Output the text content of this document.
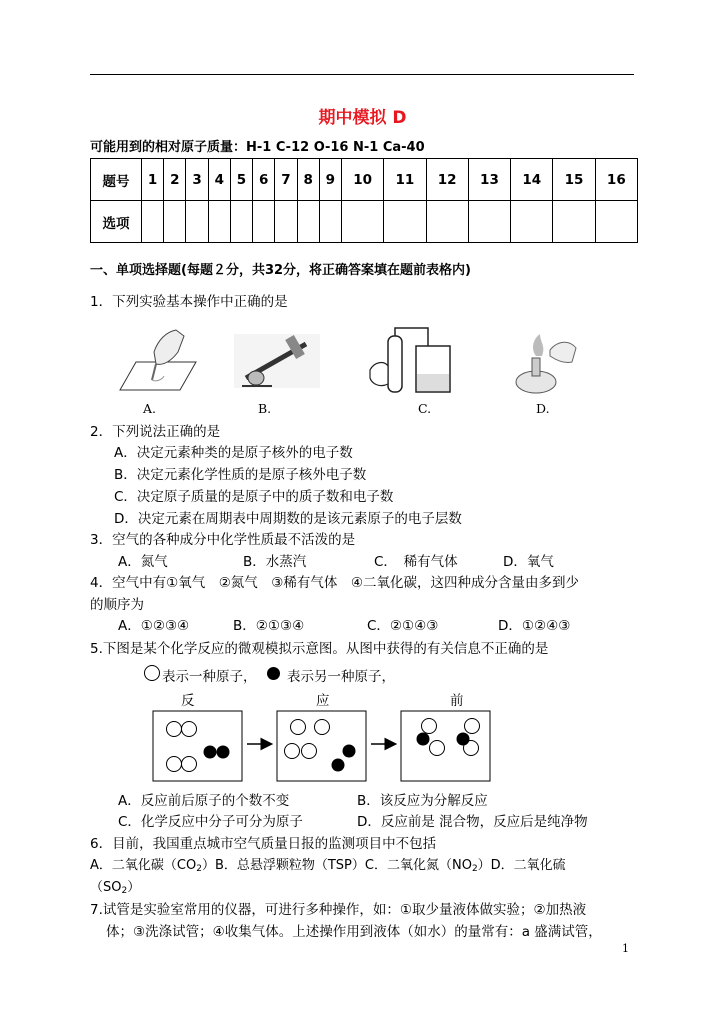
期中模拟 D
可能用到的相对原子质量：H-1 C-12 O-16 N-1 Ca-40
题号	1	2	3	4	5	6	7	8	9	10	11	12	13	14	15	16
选项																
一、单项选择题(每题２分，共32分，将正确答案填在题前表格内)
1．下列实验基本操作中正确的是
A.	B.	C.	D.
2．下列说法正确的是
A．决定元素种类的是原子核外的电子数
B．决定元素化学性质的是原子核外电子数
C．决定原子质量的是原子中的质子数和电子数
D．决定元素在周期表中周期数的是该元素原子的电子层数
3．空气的各种成分中化学性质最不活泼的是
A．氮气	B．水蒸汽	C．　稀有气体	D．氧气
4．空气中有①氧气　②氮气　③稀有气体　④二氧化碳，这四种成分含量由多到少
的顺序为
A．①②③④	B．②①③④	C．②①④③	D．①②④③
5.下图是某个化学反应的微观模拟示意图。从图中获得的有关信息不正确的是
表示一种原子， 表示另一种原子，
反	应	前
A．反应前后原子的个数不变	B．该反应为分解反应
C．化学反应中分子可分为原子	D．反应前是 混合物，反应后是纯净物
6．目前，我国重点城市空气质量日报的监测项目中不包括
A．二氧化碳$(CO_2)B$．总悬浮颗粒物（TSP）C．二氧化氮$(NO_2)D$．二氧化硫
$(SO_2)$
7.试管是实验室常用的仪器，可进行多种操作，如：①取少量液体做实验；②加热液
体；③洗涤试管；④收集气体。上述操作用到液体（如水）的量常有：a 盛满试管，
1
